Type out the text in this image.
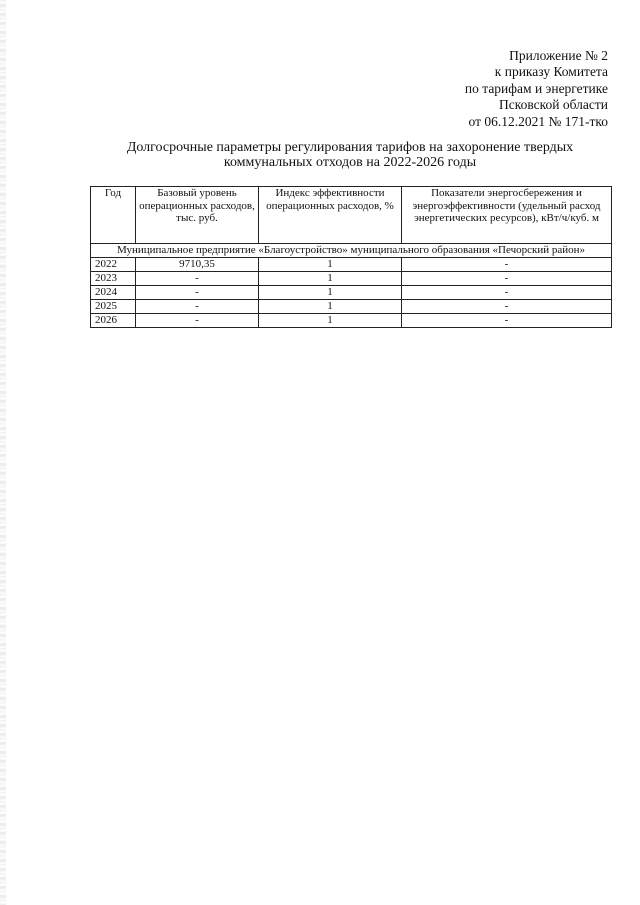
Приложение № 2
к приказу Комитета
по тарифам и энергетике
Псковской области
от 06.12.2021 № 171-тко
Долгосрочные параметры регулирования тарифов на захоронение твердых
коммунальных отходов на 2022-2026 годы
Год	Базовый уровень операционных расходов, тыс. руб.	Индекс эффективности операционных расходов, %	Показатели энергосбережения и энергоэффективности (удельный расход энергетических ресурсов), кВт/ч/куб. м
Муниципальное предприятие «Благоустройство» муниципального образования «Печорский район»			
2022	9710,35	1	-
2023	-	1	-
2024	-	1	-
2025	-	1	-
2026	-	1	-
